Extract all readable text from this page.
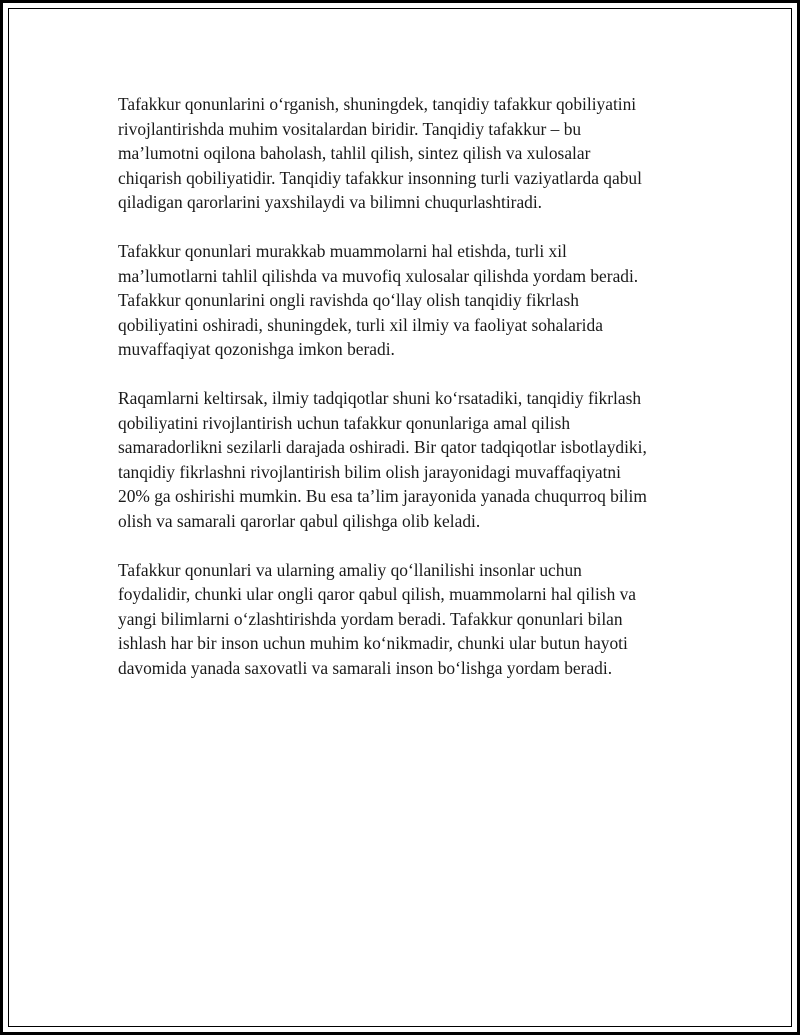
Tafakkur qonunlarini o‘rganish, shuningdek, tanqidiy tafakkur qobiliyatini
rivojlantirishda muhim vositalardan biridir. Tanqidiy tafakkur – bu
ma’lumotni oqilona baholash, tahlil qilish, sintez qilish va xulosalar
chiqarish qobiliyatidir. Tanqidiy tafakkur insonning turli vaziyatlarda qabul
qiladigan qarorlarini yaxshilaydi va bilimni chuqurlashtiradi.

Tafakkur qonunlari murakkab muammolarni hal etishda, turli xil
ma’lumotlarni tahlil qilishda va muvofiq xulosalar qilishda yordam beradi.
Tafakkur qonunlarini ongli ravishda qo‘llay olish tanqidiy fikrlash
qobiliyatini oshiradi, shuningdek, turli xil ilmiy va faoliyat sohalarida
muvaffaqiyat qozonishga imkon beradi.

Raqamlarni keltirsak, ilmiy tadqiqotlar shuni ko‘rsatadiki, tanqidiy fikrlash
qobiliyatini rivojlantirish uchun tafakkur qonunlariga amal qilish
samaradorlikni sezilarli darajada oshiradi. Bir qator tadqiqotlar isbotlaydiki,
tanqidiy fikrlashni rivojlantirish bilim olish jarayonidagi muvaffaqiyatni
20% ga oshirishi mumkin. Bu esa ta’lim jarayonida yanada chuqurroq bilim
olish va samarali qarorlar qabul qilishga olib keladi.

Tafakkur qonunlari va ularning amaliy qo‘llanilishi insonlar uchun
foydalidir, chunki ular ongli qaror qabul qilish, muammolarni hal qilish va
yangi bilimlarni o‘zlashtirishda yordam beradi. Tafakkur qonunlari bilan
ishlash har bir inson uchun muhim ko‘nikmadir, chunki ular butun hayoti
davomida yanada saxovatli va samarali inson bo‘lishga yordam beradi.
